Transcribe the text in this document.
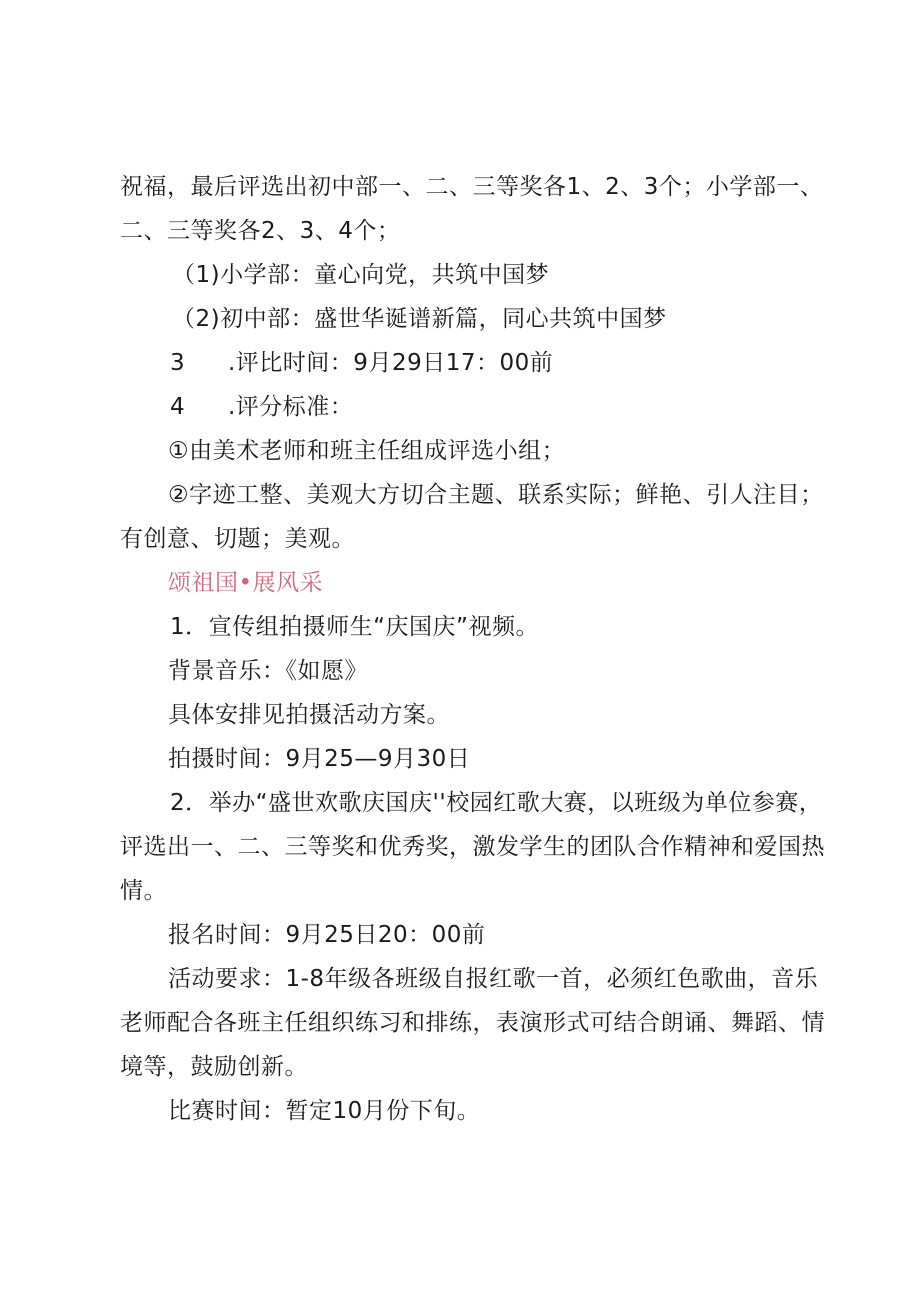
祝福，最后评选出初中部一、二、三等奖各1、2、3个；小学部一、
二、三等奖各2、3、4个；
（1)小学部：童心向党，共筑中国梦
（2)初中部：盛世华诞谱新篇，同心共筑中国梦
3 .评比时间：9月29日17：00前
4 .评分标准：
①由美术老师和班主任组成评选小组；
②字迹工整、美观大方切合主题、联系实际；鲜艳、引人注目；
有创意、切题；美观。
颂祖国•展风采
1．宣传组拍摄师生“庆国庆”视频。
背景音乐：《如愿》
具体安排见拍摄活动方案。
拍摄时间：9月25—9月30日
2．举办“盛世欢歌庆国庆''校园红歌大赛，以班级为单位参赛，
评选出一、二、三等奖和优秀奖，激发学生的团队合作精神和爱国热
情。
报名时间：9月25日20：00前
活动要求：1-8年级各班级自报红歌一首，必须红色歌曲，音乐
老师配合各班主任组织练习和排练，表演形式可结合朗诵、舞蹈、情
境等，鼓励创新。
比赛时间：暂定10月份下旬。
